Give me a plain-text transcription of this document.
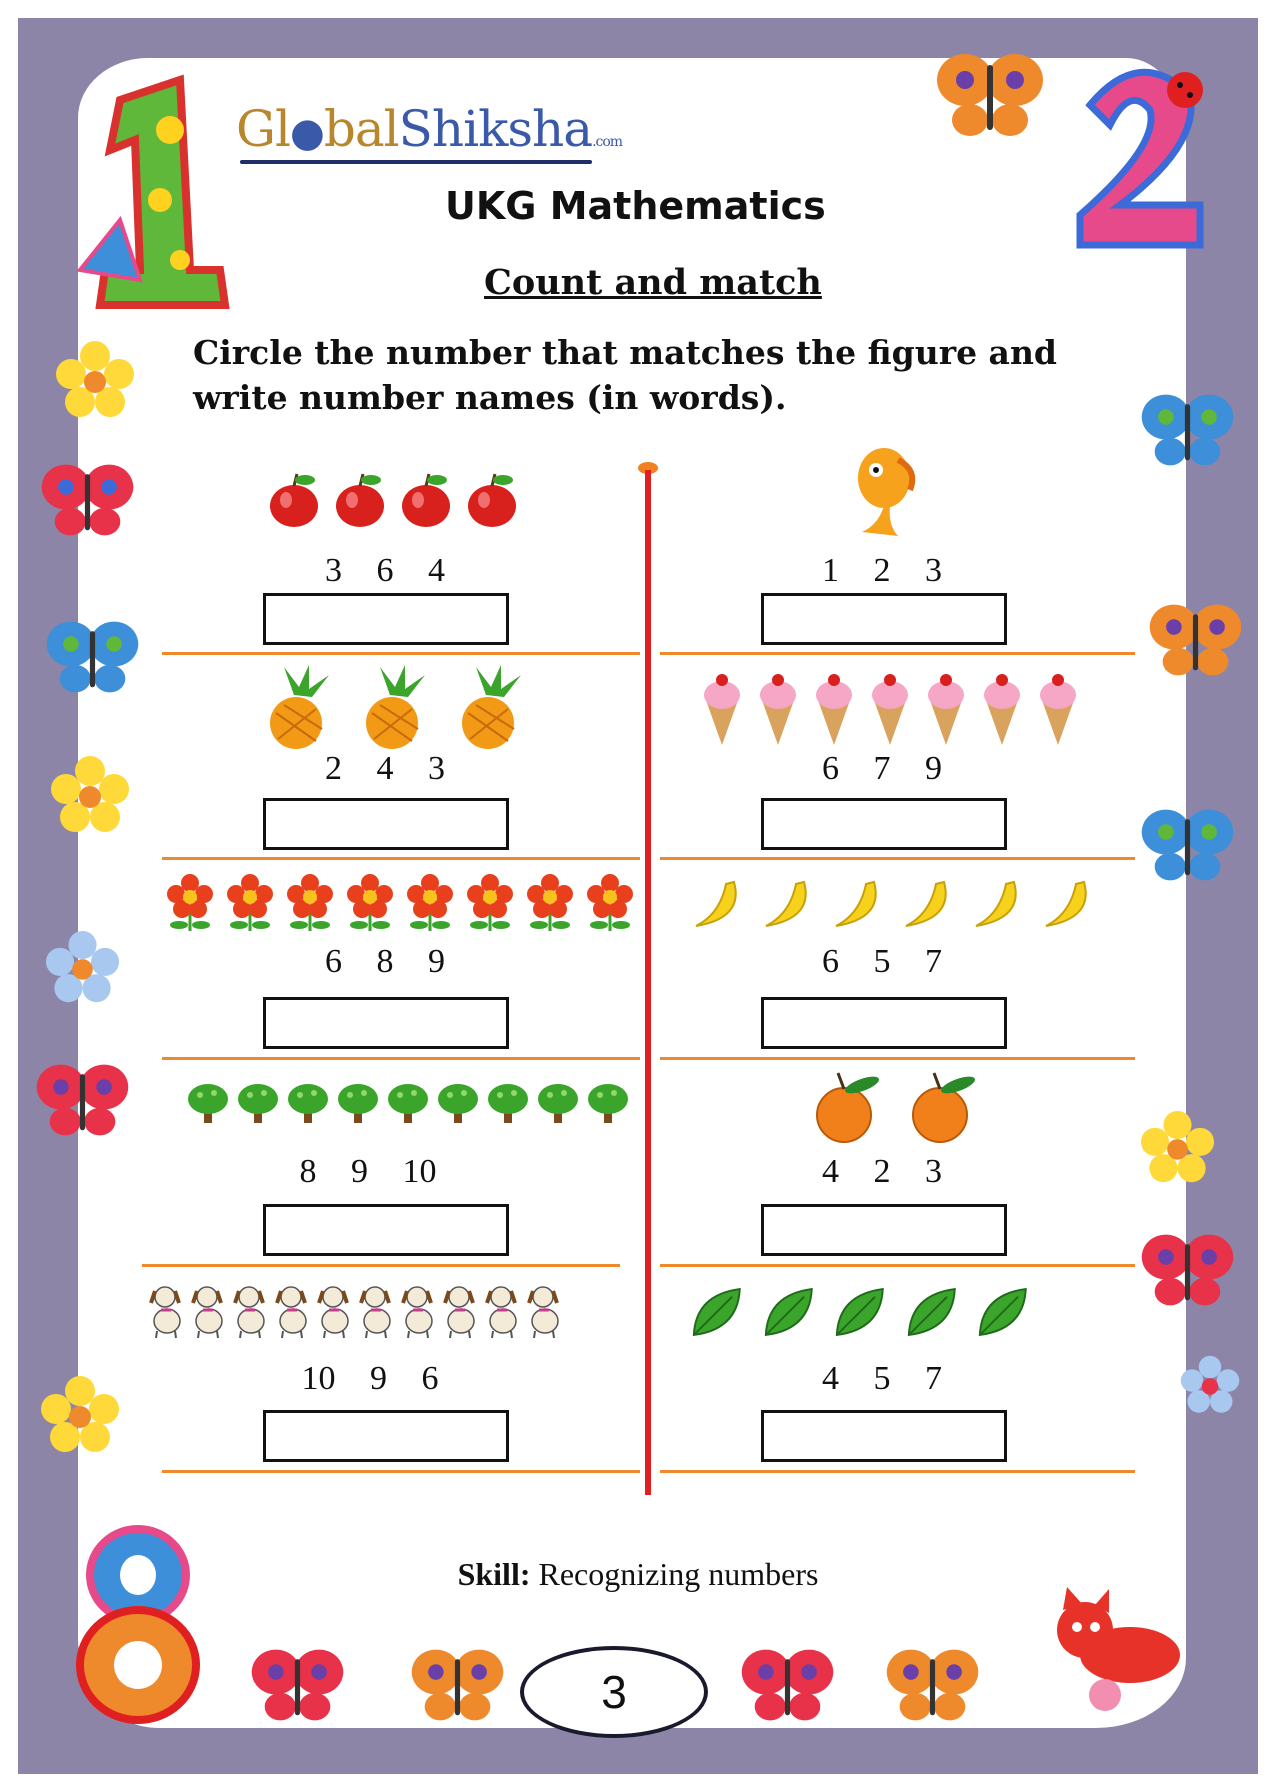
Gl●balShiksha.com
UKG Mathematics
Count and match
Circle the number that matches the figure and write number names (in words).
3 6 4	1 2 3
2 4 3	6 7 9
6 8 9	6 5 7
8 9 10	4 2 3
10 9 6	4 5 7
Skill: Recognizing numbers
3
